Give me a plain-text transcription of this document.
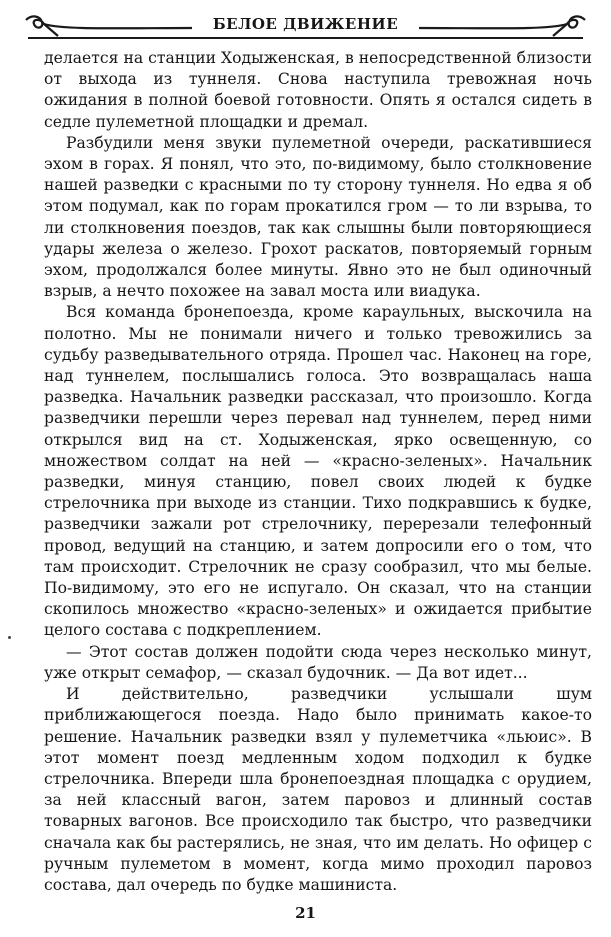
БЕЛОЕ ДВИЖЕНИЕ

делается на станции Ходыженская, в непосредственной близости от выхода из туннеля. Снова наступила тревожная ночь ожидания в полной боевой готовности. Опять я остался сидеть в седле пулеметной площадки и дремал.

Разбудили меня звуки пулеметной очереди, раскатившиеся эхом в горах. Я понял, что это, по-видимому, было столкновение нашей разведки с красными по ту сторону туннеля. Но едва я об этом подумал, как по горам прокатился гром — то ли взрыва, то ли столкновения поездов, так как слышны были повторяющиеся удары железа о железо. Грохот раскатов, повторяемый горным эхом, продолжался более минуты. Явно это не был одиночный взрыв, а нечто похожее на завал моста или виадука.

Вся команда бронепоезда, кроме караульных, выскочила на полотно. Мы не понимали ничего и только тревожились за судьбу разведывательного отряда. Прошел час. Наконец на горе, над туннелем, послышались голоса. Это возвращалась наша разведка. Начальник разведки рассказал, что произошло. Когда разведчики перешли через перевал над туннелем, перед ними открылся вид на ст. Ходыженская, ярко освещенную, со множеством солдат на ней — «красно-зеленых». Начальник разведки, минуя станцию, повел своих людей к будке стрелочника при выходе из станции. Тихо подкравшись к будке, разведчики зажали рот стрелочнику, перерезали телефонный провод, ведущий на станцию, и затем допросили его о том, что там происходит. Стрелочник не сразу сообразил, что мы белые. По-видимому, это его не испугало. Он сказал, что на станции скопилось множество «красно-зеленых» и ожидается прибытие целого состава с подкреплением.

— Этот состав должен подойти сюда через несколько минут, уже открыт семафор, — сказал будочник. — Да вот идет...

И действительно, разведчики услышали шум приближающегося поезда. Надо было принимать какое-то решение. Начальник разведки взял у пулеметчика «льюис». В этот момент поезд медленным ходом подходил к будке стрелочника. Впереди шла бронепоездная площадка с орудием, за ней классный вагон, затем паровоз и длинный состав товарных вагонов. Все происходило так быстро, что разведчики сначала как бы растерялись, не зная, что им делать. Но офицер с ручным пулеметом в момент, когда мимо проходил паровоз состава, дал очередь по будке машиниста.

21
